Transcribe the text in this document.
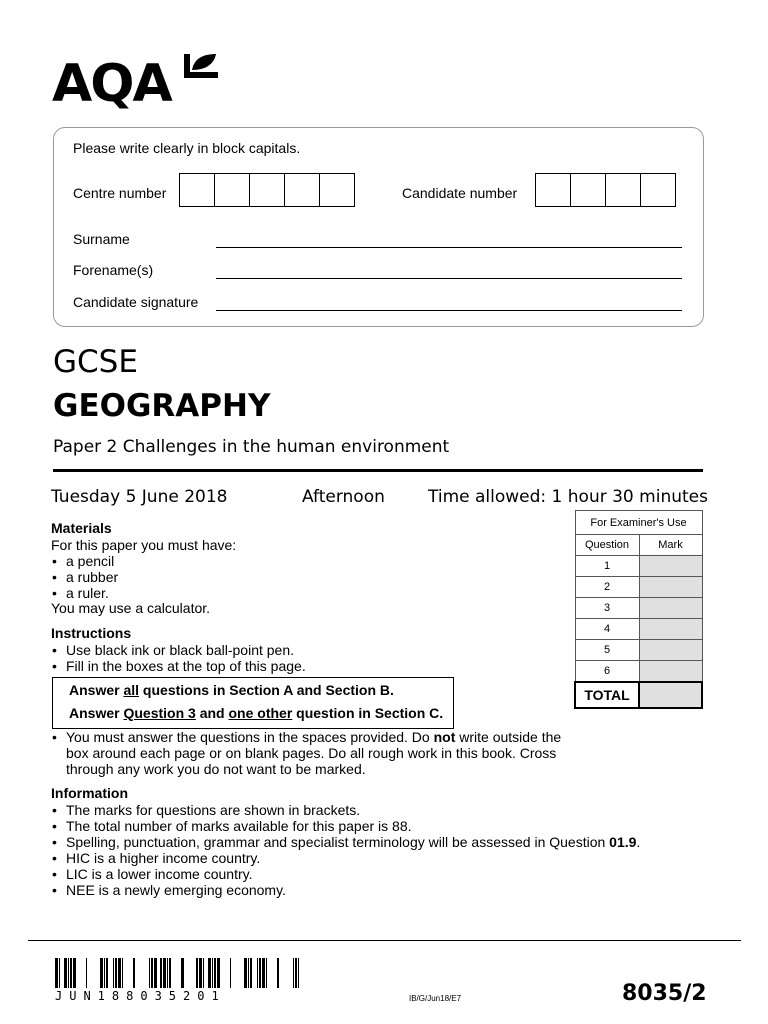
AQA
Please write clearly in block capitals.
Centre number	Candidate number
Surname
Forename(s)
Candidate signature
GCSE
GEOGRAPHY
Paper 2 Challenges in the human environment
Tuesday 5 June 2018	Afternoon	Time allowed: 1 hour 30 minutes
Materials
For this paper you must have:
• a pencil
• a rubber
• a ruler.
You may use a calculator.
Instructions
• Use black ink or black ball-point pen.
• Fill in the boxes at the top of this page.
Answer all questions in Section A and Section B.
Answer Question 3 and one other question in Section C.
• You must answer the questions in the spaces provided. Do not write outside the box around each page or on blank pages. Do all rough work in this book. Cross through any work you do not want to be marked.
Information
• The marks for questions are shown in brackets.
• The total number of marks available for this paper is 88.
• Spelling, punctuation, grammar and specialist terminology will be assessed in Question 01.9.
• HIC is a higher income country.
• LIC is a lower income country.
• NEE is a newly emerging economy.
For Examiner's Use	
Question	Mark
1	
2	
3	
4	
5	
6	
TOTAL	
JUN188035201	IB/G/Jun18/E7	8035/2
